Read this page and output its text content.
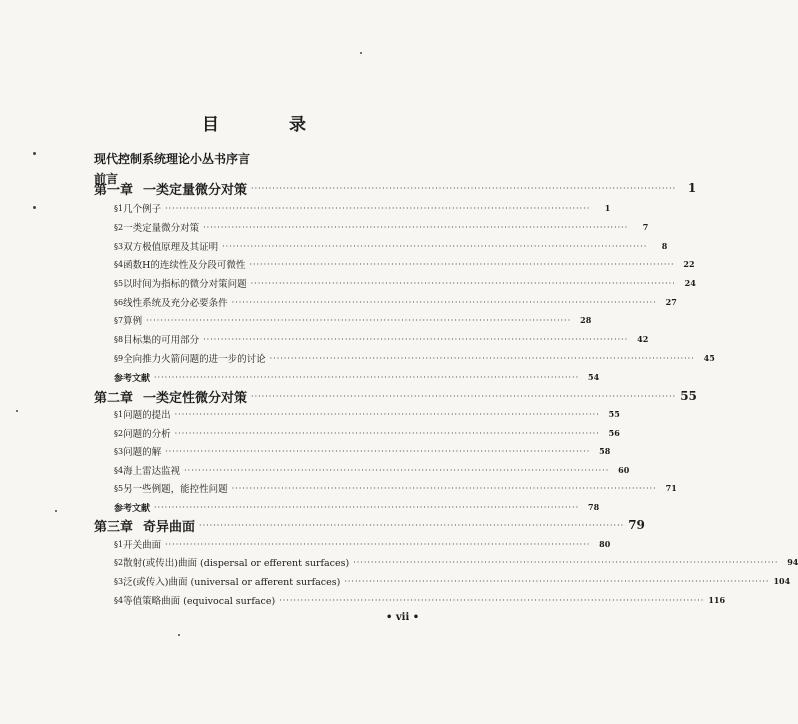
目 录
现代控制系统理论小丛书序言
前言
第一章 一类定量微分对策 ························································································································ 1
§1 几个例子 ························································································································	1
§2 一类定量微分对策 ························································································································	7
§3 双方极值原理及其证明 ························································································································	8
§4 函数H的连续性及分段可微性 ························································································································	22
§5 以时间为指标的微分对策问题 ························································································································	24
§6 线性系统及充分必要条件 ························································································································	27
§7 算例 ························································································································	28
§8 目标集的可用部分 ························································································································	42
§9 全向推力火箭问题的进一步的讨论 ························································································································	45
参考文献 ························································································································	54
第二章 一类定性微分对策 ························································································································ 55
§1 问题的提出 ························································································································	55
§2 问题的分析 ························································································································	56
§3 问题的解 ························································································································	58
§4 海上雷达监视 ························································································································	60
§5 另一些例题，能控性问题 ························································································································	71
参考文献 ························································································································	78
第三章 奇异曲面 ························································································································ 79
§1 开关曲面 ························································································································	80
§2 散射(或传出)曲面 (dispersal or efferent surfaces) ························································································································	94
§3 泛(或传入)曲面 (universal or afferent surfaces) ························································································································ 104
§4 等值策略曲面 (equivocal surface) ························································································································ 116
• vii •
